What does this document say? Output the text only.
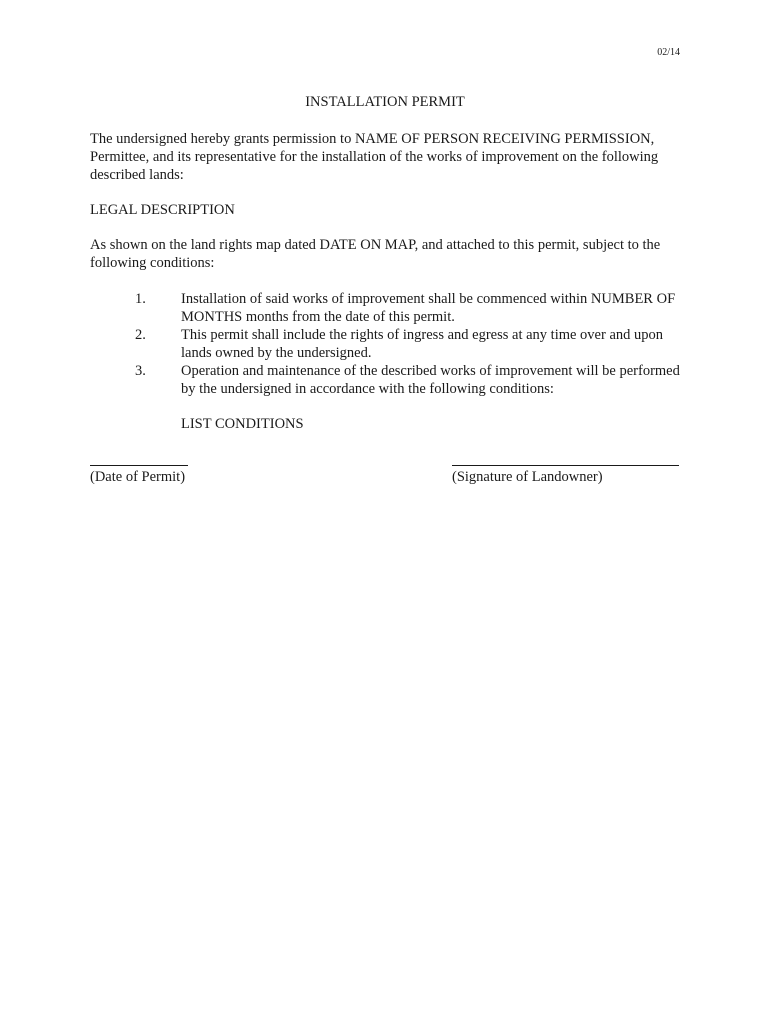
02/14
INSTALLATION PERMIT
The undersigned hereby grants permission to NAME OF PERSON RECEIVING PERMISSION, Permittee, and its representative for the installation of the works of improvement on the following described lands:
LEGAL DESCRIPTION
As shown on the land rights map dated DATE ON MAP, and attached to this permit, subject to the following conditions:
1. Installation of said works of improvement shall be commenced within NUMBER OF MONTHS months from the date of this permit.
2. This permit shall include the rights of ingress and egress at any time over and upon lands owned by the undersigned.
3. Operation and maintenance of the described works of improvement will be performed by the undersigned in accordance with the following conditions:
LIST CONDITIONS
(Date of Permit)	(Signature of Landowner)
